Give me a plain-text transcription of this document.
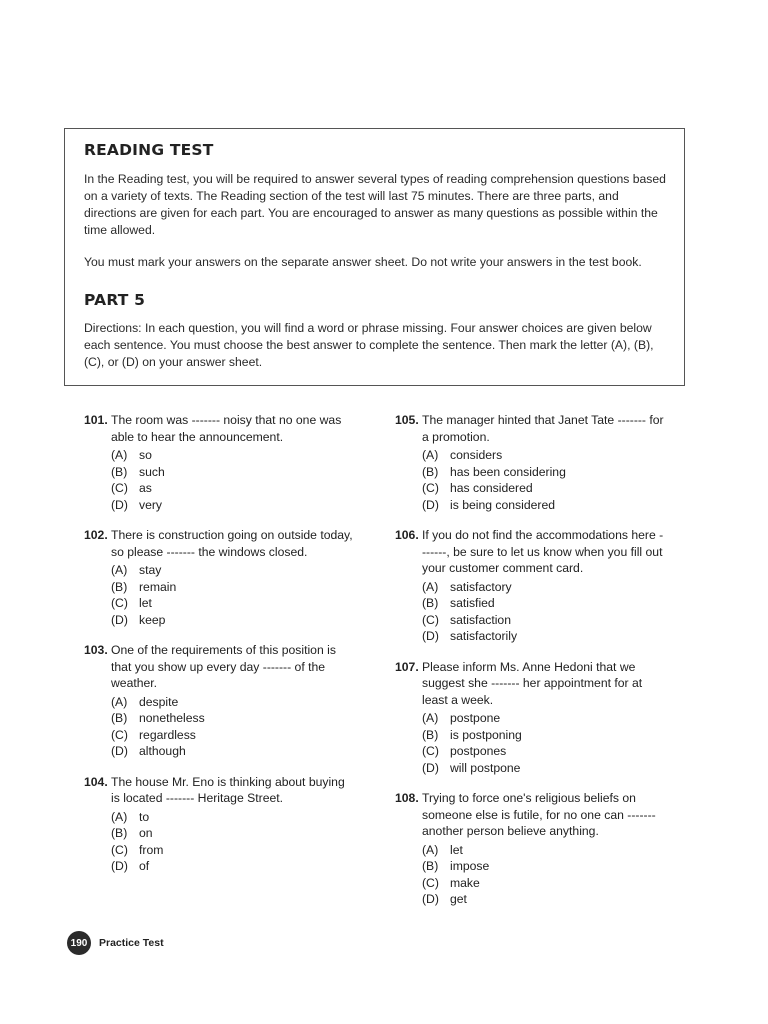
READING TEST

In the Reading test, you will be required to answer several types of reading comprehension questions based on a variety of texts. The Reading section of the test will last 75 minutes. There are three parts, and directions are given for each part. You are encouraged to answer as many questions as possible within the time allowed.

You must mark your answers on the separate answer sheet. Do not write your answers in the test book.

PART 5

Directions: In each question, you will find a word or phrase missing. Four answer choices are given below each sentence. You must choose the best answer to complete the sentence. Then mark the letter (A), (B), (C), or (D) on your answer sheet.

101. The room was ------- noisy that no one was able to hear the announcement.
(A) so
(B) such
(C) as
(D) very
102. There is construction going on outside today, so please ------- the windows closed.
(A) stay
(B) remain
(C) let
(D) keep
103. One of the requirements of this position is that you show up every day ------- of the weather.
(A) despite
(B) nonetheless
(C) regardless
(D) although
104. The house Mr. Eno is thinking about buying is located ------- Heritage Street.
(A) to
(B) on
(C) from
(D) of
105. The manager hinted that Janet Tate ------- for a promotion.
(A) considers
(B) has been considering
(C) has considered
(D) is being considered
106. If you do not find the accommodations here -------, be sure to let us know when you fill out your customer comment card.
(A) satisfactory
(B) satisfied
(C) satisfaction
(D) satisfactorily
107. Please inform Ms. Anne Hedoni that we suggest she ------- her appointment for at least a week.
(A) postpone
(B) is postponing
(C) postpones
(D) will postpone
108. Trying to force one's religious beliefs on someone else is futile, for no one can ------- another person believe anything.
(A) let
(B) impose
(C) make
(D) get
190	Practice Test
